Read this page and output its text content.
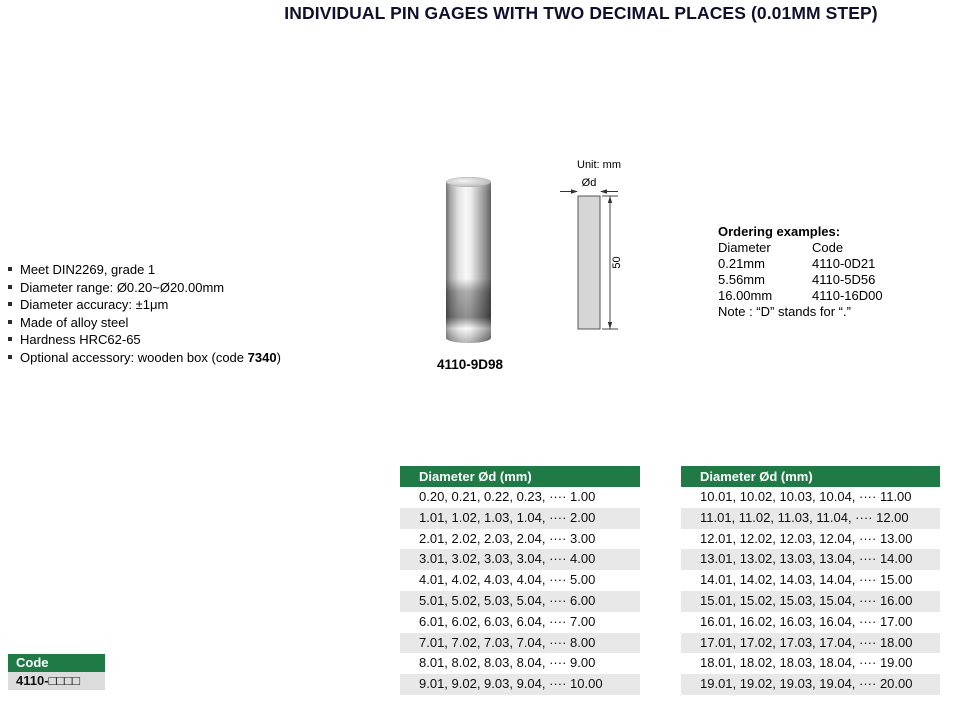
INDIVIDUAL PIN GAGES WITH TWO DECIMAL PLACES (0.01MM STEP)
Meet DIN2269, grade 1
Diameter range: Ø0.20~Ø20.00mm
Diameter accuracy: ±1μm
Made of alloy steel
Hardness HRC62-65
Optional accessory: wooden box (code 7340)	4110-9D98
Unit: mm
Ød
50
Ordering examples:
Diameter	Code
0.21mm	4110-0D21
5.56mm	4110-5D56
16.00mm	4110-16D00
Note : “D” stands for “.”
Code
4110-□□□□
Diameter Ød (mm)
0.20, 0.21, 0.22, 0.23, ···· 1.00
1.01, 1.02, 1.03, 1.04, ···· 2.00
2.01, 2.02, 2.03, 2.04, ···· 3.00
3.01, 3.02, 3.03, 3.04, ···· 4.00
4.01, 4.02, 4.03, 4.04, ···· 5.00
5.01, 5.02, 5.03, 5.04, ···· 6.00
6.01, 6.02, 6.03, 6.04, ···· 7.00
7.01, 7.02, 7.03, 7.04, ···· 8.00
8.01, 8.02, 8.03, 8.04, ···· 9.00
9.01, 9.02, 9.03, 9.04, ···· 10.00
Diameter Ød (mm)
10.01, 10.02, 10.03, 10.04, ···· 11.00
11.01, 11.02, 11.03, 11.04, ···· 12.00
12.01, 12.02, 12.03, 12.04, ···· 13.00
13.01, 13.02, 13.03, 13.04, ···· 14.00
14.01, 14.02, 14.03, 14.04, ···· 15.00
15.01, 15.02, 15.03, 15.04, ···· 16.00
16.01, 16.02, 16.03, 16.04, ···· 17.00
17.01, 17.02, 17.03, 17.04, ···· 18.00
18.01, 18.02, 18.03, 18.04, ···· 19.00
19.01, 19.02, 19.03, 19.04, ···· 20.00
